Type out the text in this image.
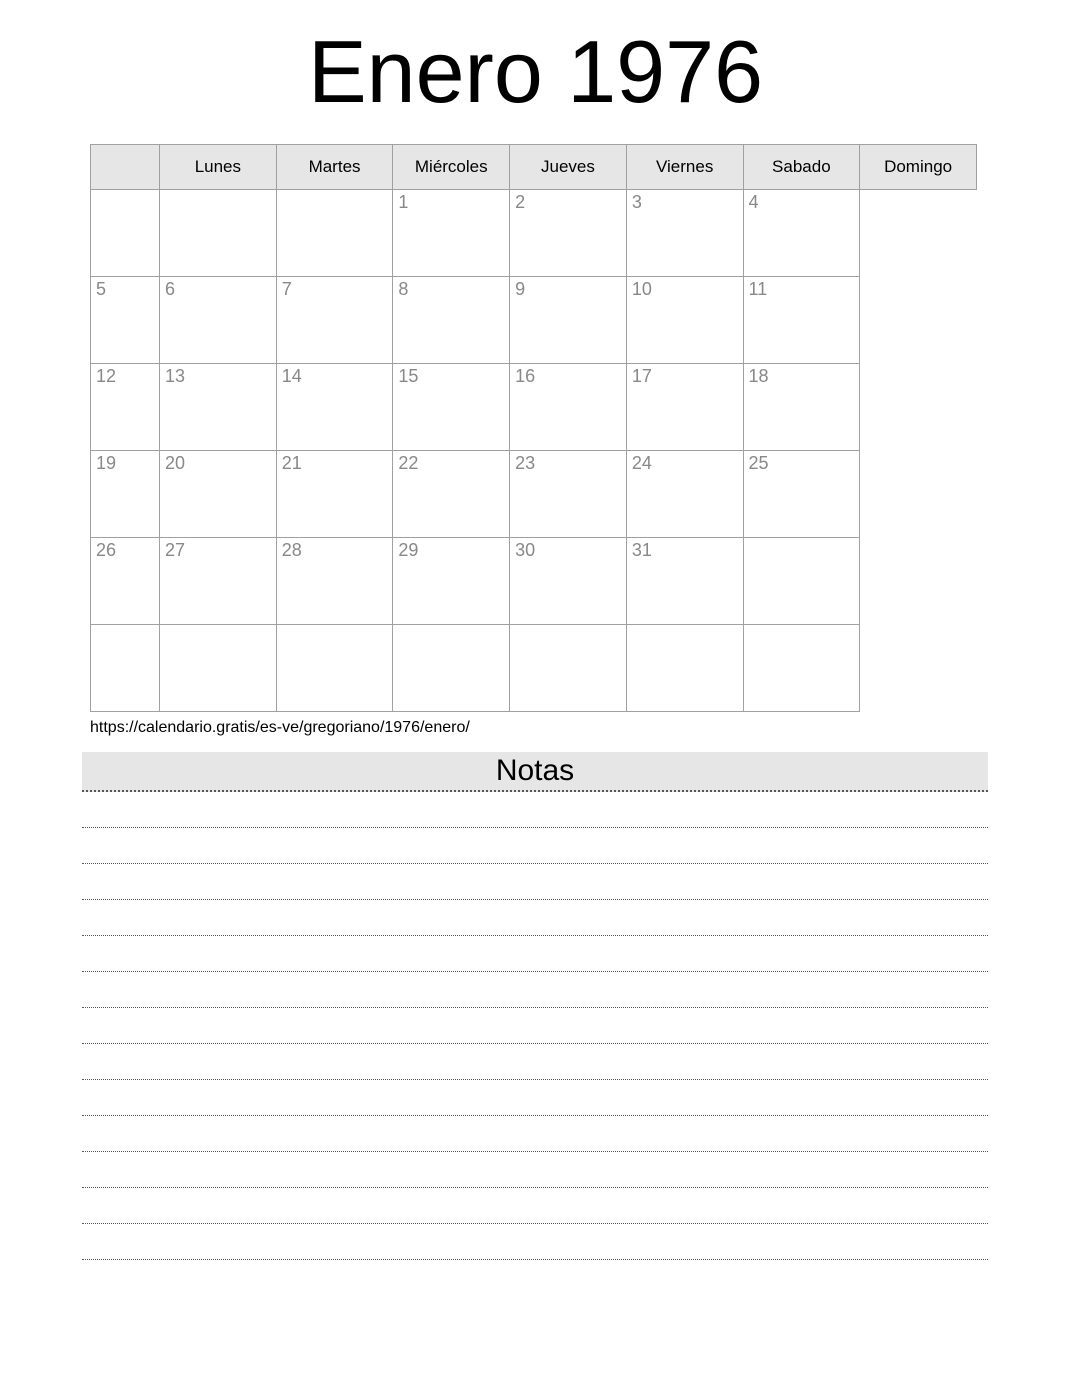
Enero 1976
	Lunes	Martes	Miércoles	Jueves	Viernes	Sabado	Domingo
			1	2	3	4	
5	6	7	8	9	10	11	
12	13	14	15	16	17	18	
19	20	21	22	23	24	25	
26	27	28	29	30	31		

https://calendario.gratis/es-ve/gregoriano/1976/enero/
Notas
